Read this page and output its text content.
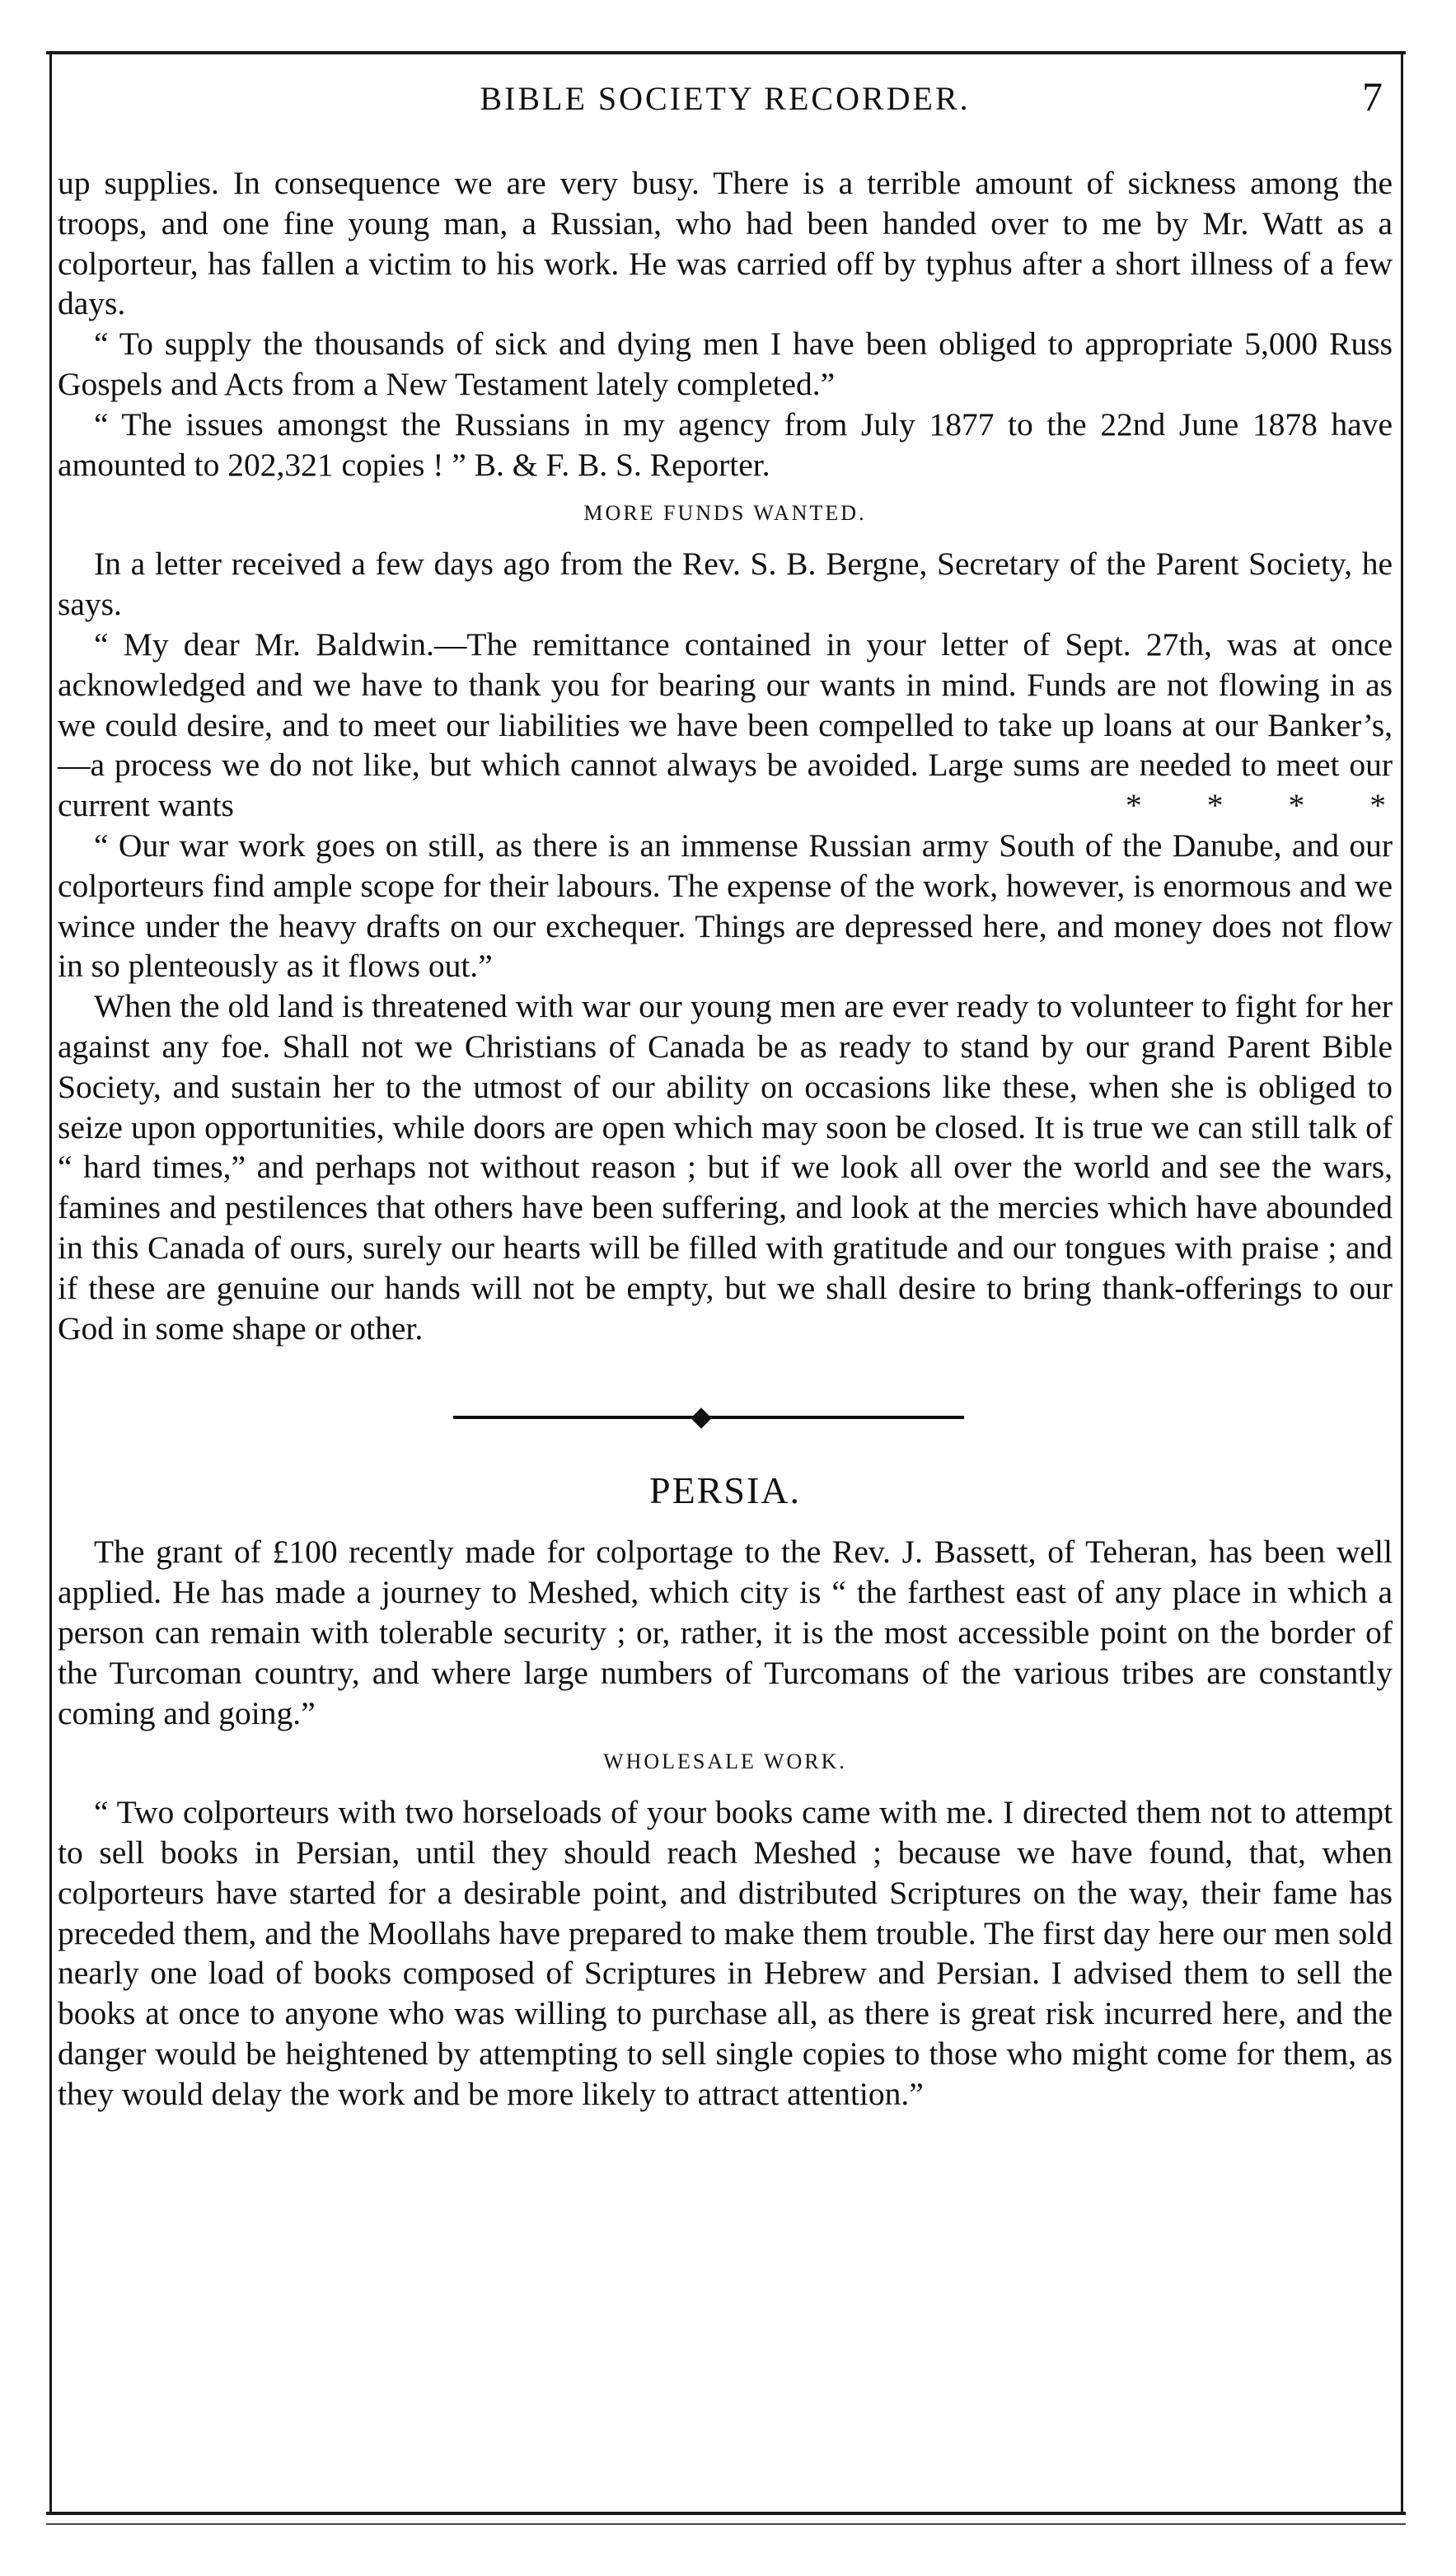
BIBLE SOCIETY RECORDER.	7

up supplies. In consequence we are very busy. There is a terrible amount of sickness among the troops, and one fine young man, a Russian, who had been handed over to me by Mr. Watt as a colporteur, has fallen a victim to his work. He was carried off by typhus after a short illness of a few days.

“ To supply the thousands of sick and dying men I have been obliged to appropriate 5,000 Russ Gospels and Acts from a New Testament lately completed.”

“ The issues amongst the Russians in my agency from July 1877 to the 22nd June 1878 have amounted to 202,321 copies ! ” B. & F. B. S. Reporter.

MORE FUNDS WANTED.

In a letter received a few days ago from the Rev. S. B. Bergne, Secretary of the Parent Society, he says.

“ My dear Mr. Baldwin.—The remittance contained in your letter of Sept. 27th, was at once acknowledged and we have to thank you for bearing our wants in mind. Funds are not flowing in as we could desire, and to meet our liabilities we have been compelled to take up loans at our Banker’s,—a process we do not like, but which cannot always be avoided. Large sums are needed to meet our current wants	*	*	*	*

“ Our war work goes on still, as there is an immense Russian army South of the Danube, and our colporteurs find ample scope for their labours. The expense of the work, however, is enormous and we wince under the heavy drafts on our exchequer. Things are depressed here, and money does not flow in so plenteously as it flows out.”

When the old land is threatened with war our young men are ever ready to volunteer to fight for her against any foe. Shall not we Christians of Canada be as ready to stand by our grand Parent Bible Society, and sustain her to the utmost of our ability on occasions like these, when she is obliged to seize upon opportunities, while doors are open which may soon be closed. It is true we can still talk of “ hard times,” and perhaps not without reason ; but if we look all over the world and see the wars, famines and pestilences that others have been suffering, and look at the mercies which have abounded in this Canada of ours, surely our hearts will be filled with gratitude and our tongues with praise ; and if these are genuine our hands will not be empty, but we shall desire to bring thank-offerings to our God in some shape or other.

PERSIA.

The grant of £100 recently made for colportage to the Rev. J. Bassett, of Teheran, has been well applied. He has made a journey to Meshed, which city is “ the farthest east of any place in which a person can remain with tolerable security ; or, rather, it is the most accessible point on the border of the Turcoman country, and where large numbers of Turcomans of the various tribes are constantly coming and going.”

WHOLESALE WORK.

“ Two colporteurs with two horseloads of your books came with me. I directed them not to attempt to sell books in Persian, until they should reach Meshed ; because we have found, that, when colporteurs have started for a desirable point, and distributed Scriptures on the way, their fame has preceded them, and the Moollahs have prepared to make them trouble. The first day here our men sold nearly one load of books composed of Scriptures in Hebrew and Persian. I advised them to sell the books at once to anyone who was willing to purchase all, as there is great risk incurred here, and the danger would be heightened by attempting to sell single copies to those who might come for them, as they would delay the work and be more likely to attract attention.”
